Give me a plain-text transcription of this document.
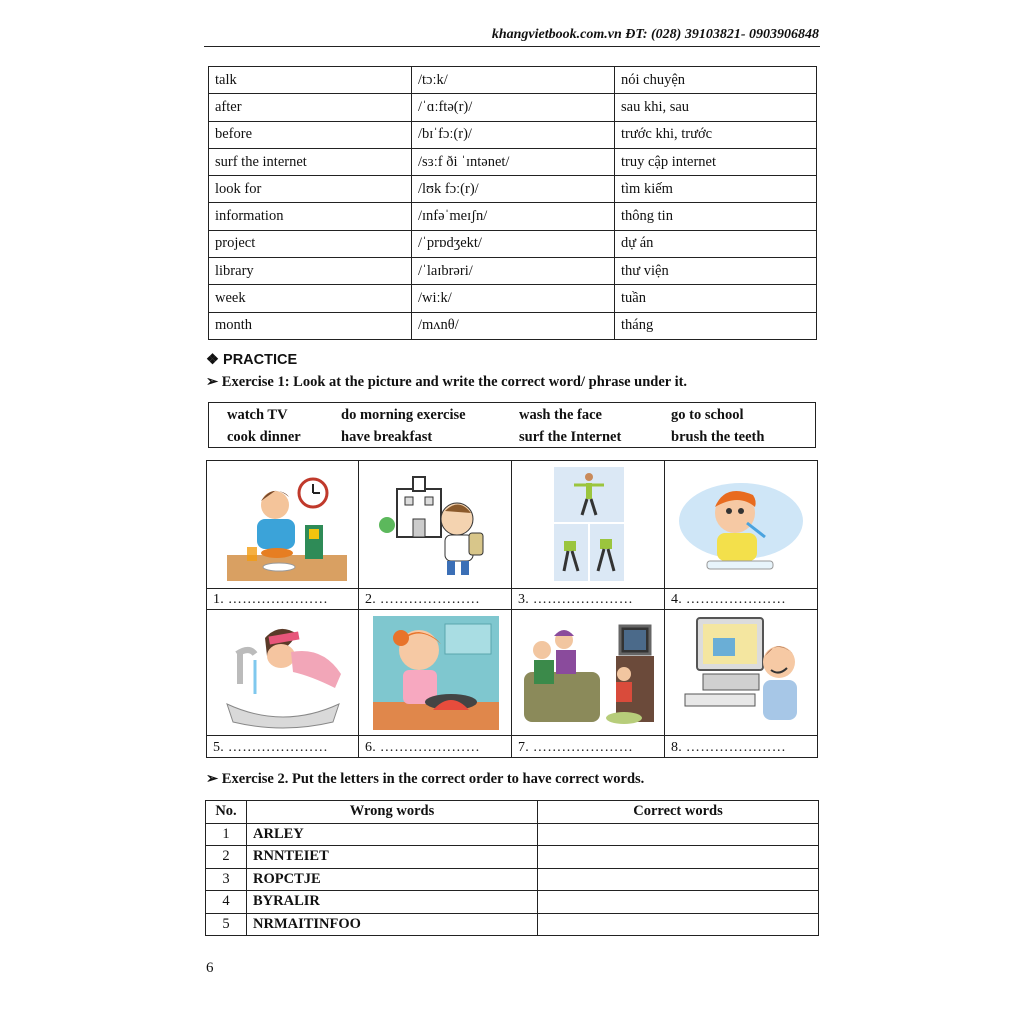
khangvietbook.com.vn ĐT: (028) 39103821- 0903906848
talk	/tɔːk/	nói chuyện
after	/ˈɑːftə(r)/	sau khi, sau
before	/bɪˈfɔː(r)/	trước khi, trước
surf the internet	/sɜːf ði ˈɪntənet/	truy cập internet
look for	/lʊk fɔː(r)/	tìm kiếm
information	/ɪnfəˈmeɪʃn/	thông tin
project	/ˈprɒdʒekt/	dự án
library	/ˈlaɪbrəri/	thư viện
week	/wiːk/	tuần
month	/mʌnθ/	tháng
❖ PRACTICE
➢ Exercise 1: Look at the picture and write the correct word/ phrase under it.
watch TV	do morning exercise	wash the face	go to school
cook dinner	have breakfast	surf the Internet	brush the teeth
1. …………………	2. …………………	3. …………………	4. …………………
5. …………………	6. …………………	7. …………………	8. …………………
➢ Exercise 2. Put the letters in the correct order to have correct words.
No.	Wrong words	Correct words
1	ARLEY	
2	RNNTEIET	
3	ROPCTJE	
4	BYRALIR	
5	NRMAITINFOO	
6
